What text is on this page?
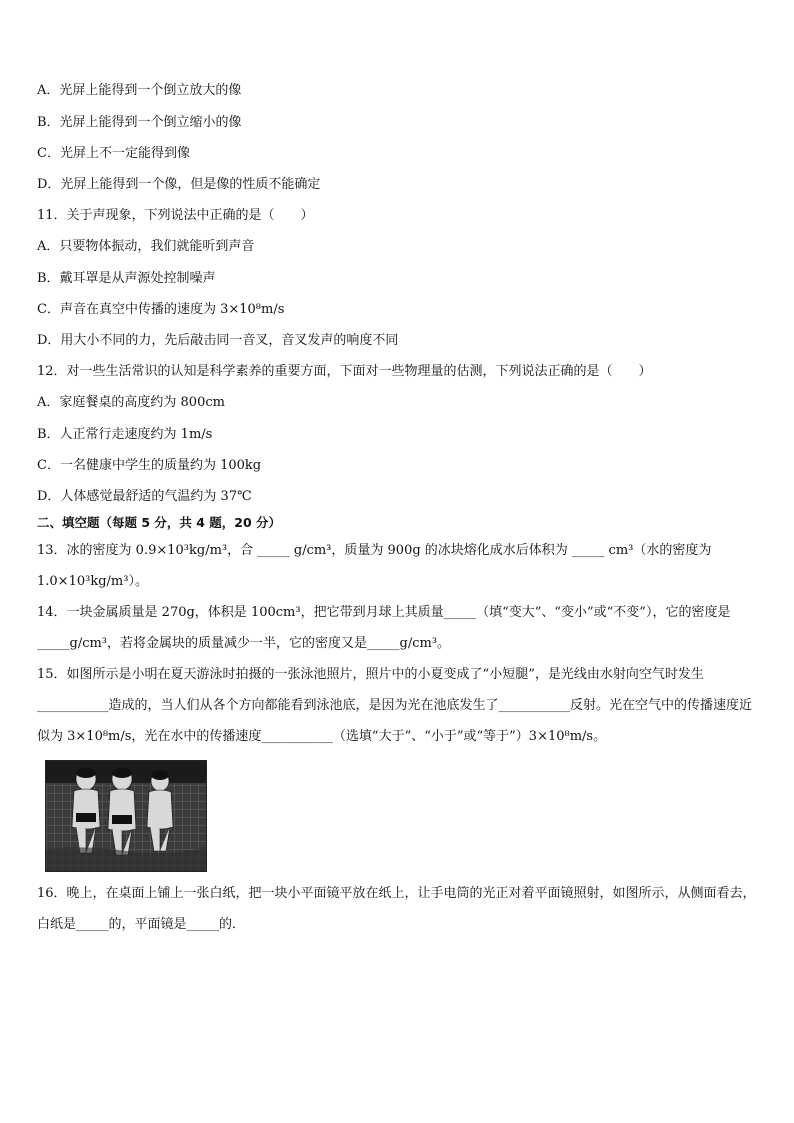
A．光屏上能得到一个倒立放大的像
B．光屏上能得到一个倒立缩小的像
C．光屏上不一定能得到像
D．光屏上能得到一个像，但是像的性质不能确定
11．关于声现象，下列说法中正确的是（　　）
A．只要物体振动，我们就能听到声音
B．戴耳罩是从声源处控制噪声
C．声音在真空中传播的速度为 3×10⁸m/s
D．用大小不同的力，先后敲击同一音叉，音叉发声的响度不同
12．对一些生活常识的认知是科学素养的重要方面，下面对一些物理量的估测，下列说法正确的是（　　）
A．家庭餐桌的高度约为 800cm
B．人正常行走速度约为 1m/s
C．一名健康中学生的质量约为 100kg
D．人体感觉最舒适的气温约为 37℃
二、填空题（每题 5 分，共 4 题，20 分）
13．冰的密度为 0.9×10³kg/m³，合 _____ g/cm³，质量为 900g 的冰块熔化成水后体积为 _____ cm³（水的密度为 1.0×10³kg/m³）。
14．一块金属质量是 270g，体积是 100cm³，把它带到月球上其质量_____（填“变大”、“变小”或“不变”），它的密度是_____g/cm³，若将金属块的质量减少一半，它的密度又是_____g/cm³。
15．如图所示是小明在夏天游泳时拍摄的一张泳池照片，照片中的小夏变成了“小短腿”，是光线由水射向空气时发生___________造成的，当人们从各个方向都能看到泳池底，是因为光在池底发生了___________反射。光在空气中的传播速度近似为 3×10⁸m/s，光在水中的传播速度___________（选填“大于”、“小于”或“等于”）3×10⁸m/s。
16．晚上，在桌面上铺上一张白纸，把一块小平面镜平放在纸上，让手电筒的光正对着平面镜照射，如图所示，从侧面看去，白纸是_____的，平面镜是_____的．
